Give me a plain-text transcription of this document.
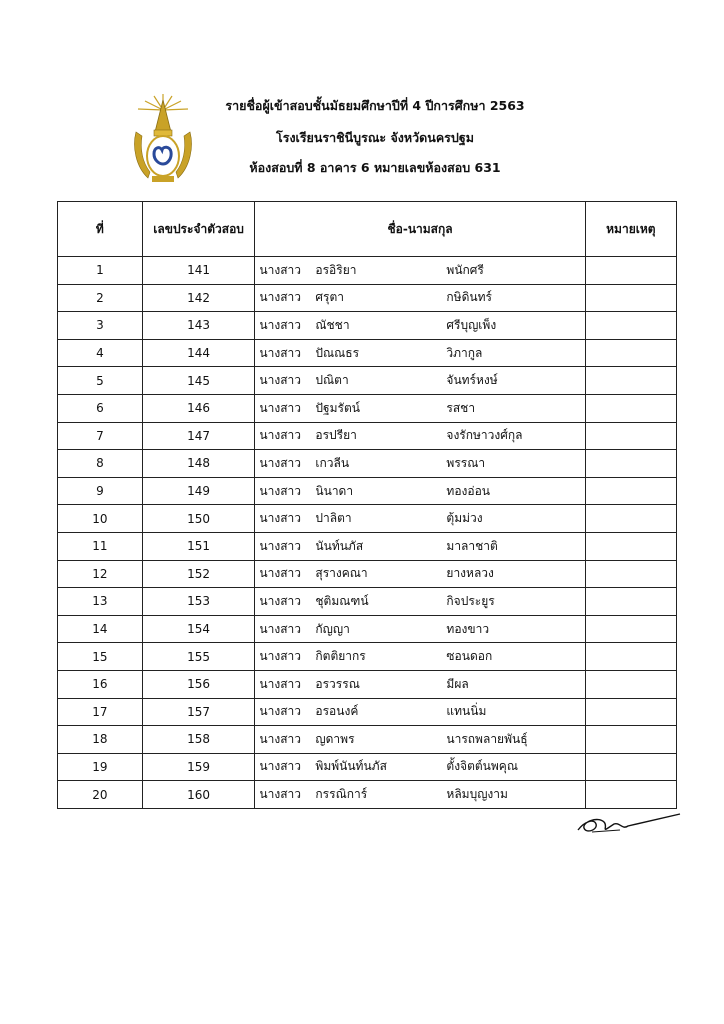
รายชื่อผู้เข้าสอบชั้นมัธยมศึกษาปีที่ 4 ปีการศึกษา 2563
โรงเรียนราชินีบูรณะ จังหวัดนครปฐม
ห้องสอบที่ 8 อาคาร 6 หมายเลขห้องสอบ 631
ที่	เลขประจำตัวสอบ	ชื่อ-นามสกุล	หมายเหตุ
1	141	นางสาว อรอิริยา พนักศรี	

2	142	นางสาว ศรุตา กษิดินทร์	

3	143	นางสาว ณัชชา ศรีบุญเพ็ง	

4	144	นางสาว ปัณณธร วิภากูล	

5	145	นางสาว ปณิตา จันทร์หงษ์	

6	146	นางสาว ปัฐมรัตน์ รสชา	

7	147	นางสาว อรปรียา จงรักษาวงศ์กุล	

8	148	นางสาว เกวลีน พรรณา	

9	149	นางสาว นินาดา ทองอ่อน	

10	150	นางสาว ปาลิตา ตุ้มม่วง	

11	151	นางสาว นันท์นภัส มาลาชาติ	

12	152	นางสาว สุรางคณา ยางหลวง	

13	153	นางสาว ชุติมณฑน์ กิจประยูร	

14	154	นางสาว กัญญา ทองขาว	

15	155	นางสาว กิตติยากร ซอนดอก	

16	156	นางสาว อรวรรณ มีผล	

17	157	นางสาว อรอนงค์ แทนนิ่ม	

18	158	นางสาว ญดาพร นารถพลายพันธุ์	

19	159	นางสาว พิมพ์นันท์นภัส ตั้งจิตต์นพคุณ	

20	160	นางสาว กรรณิการ์ หลิมบุญงาม	
